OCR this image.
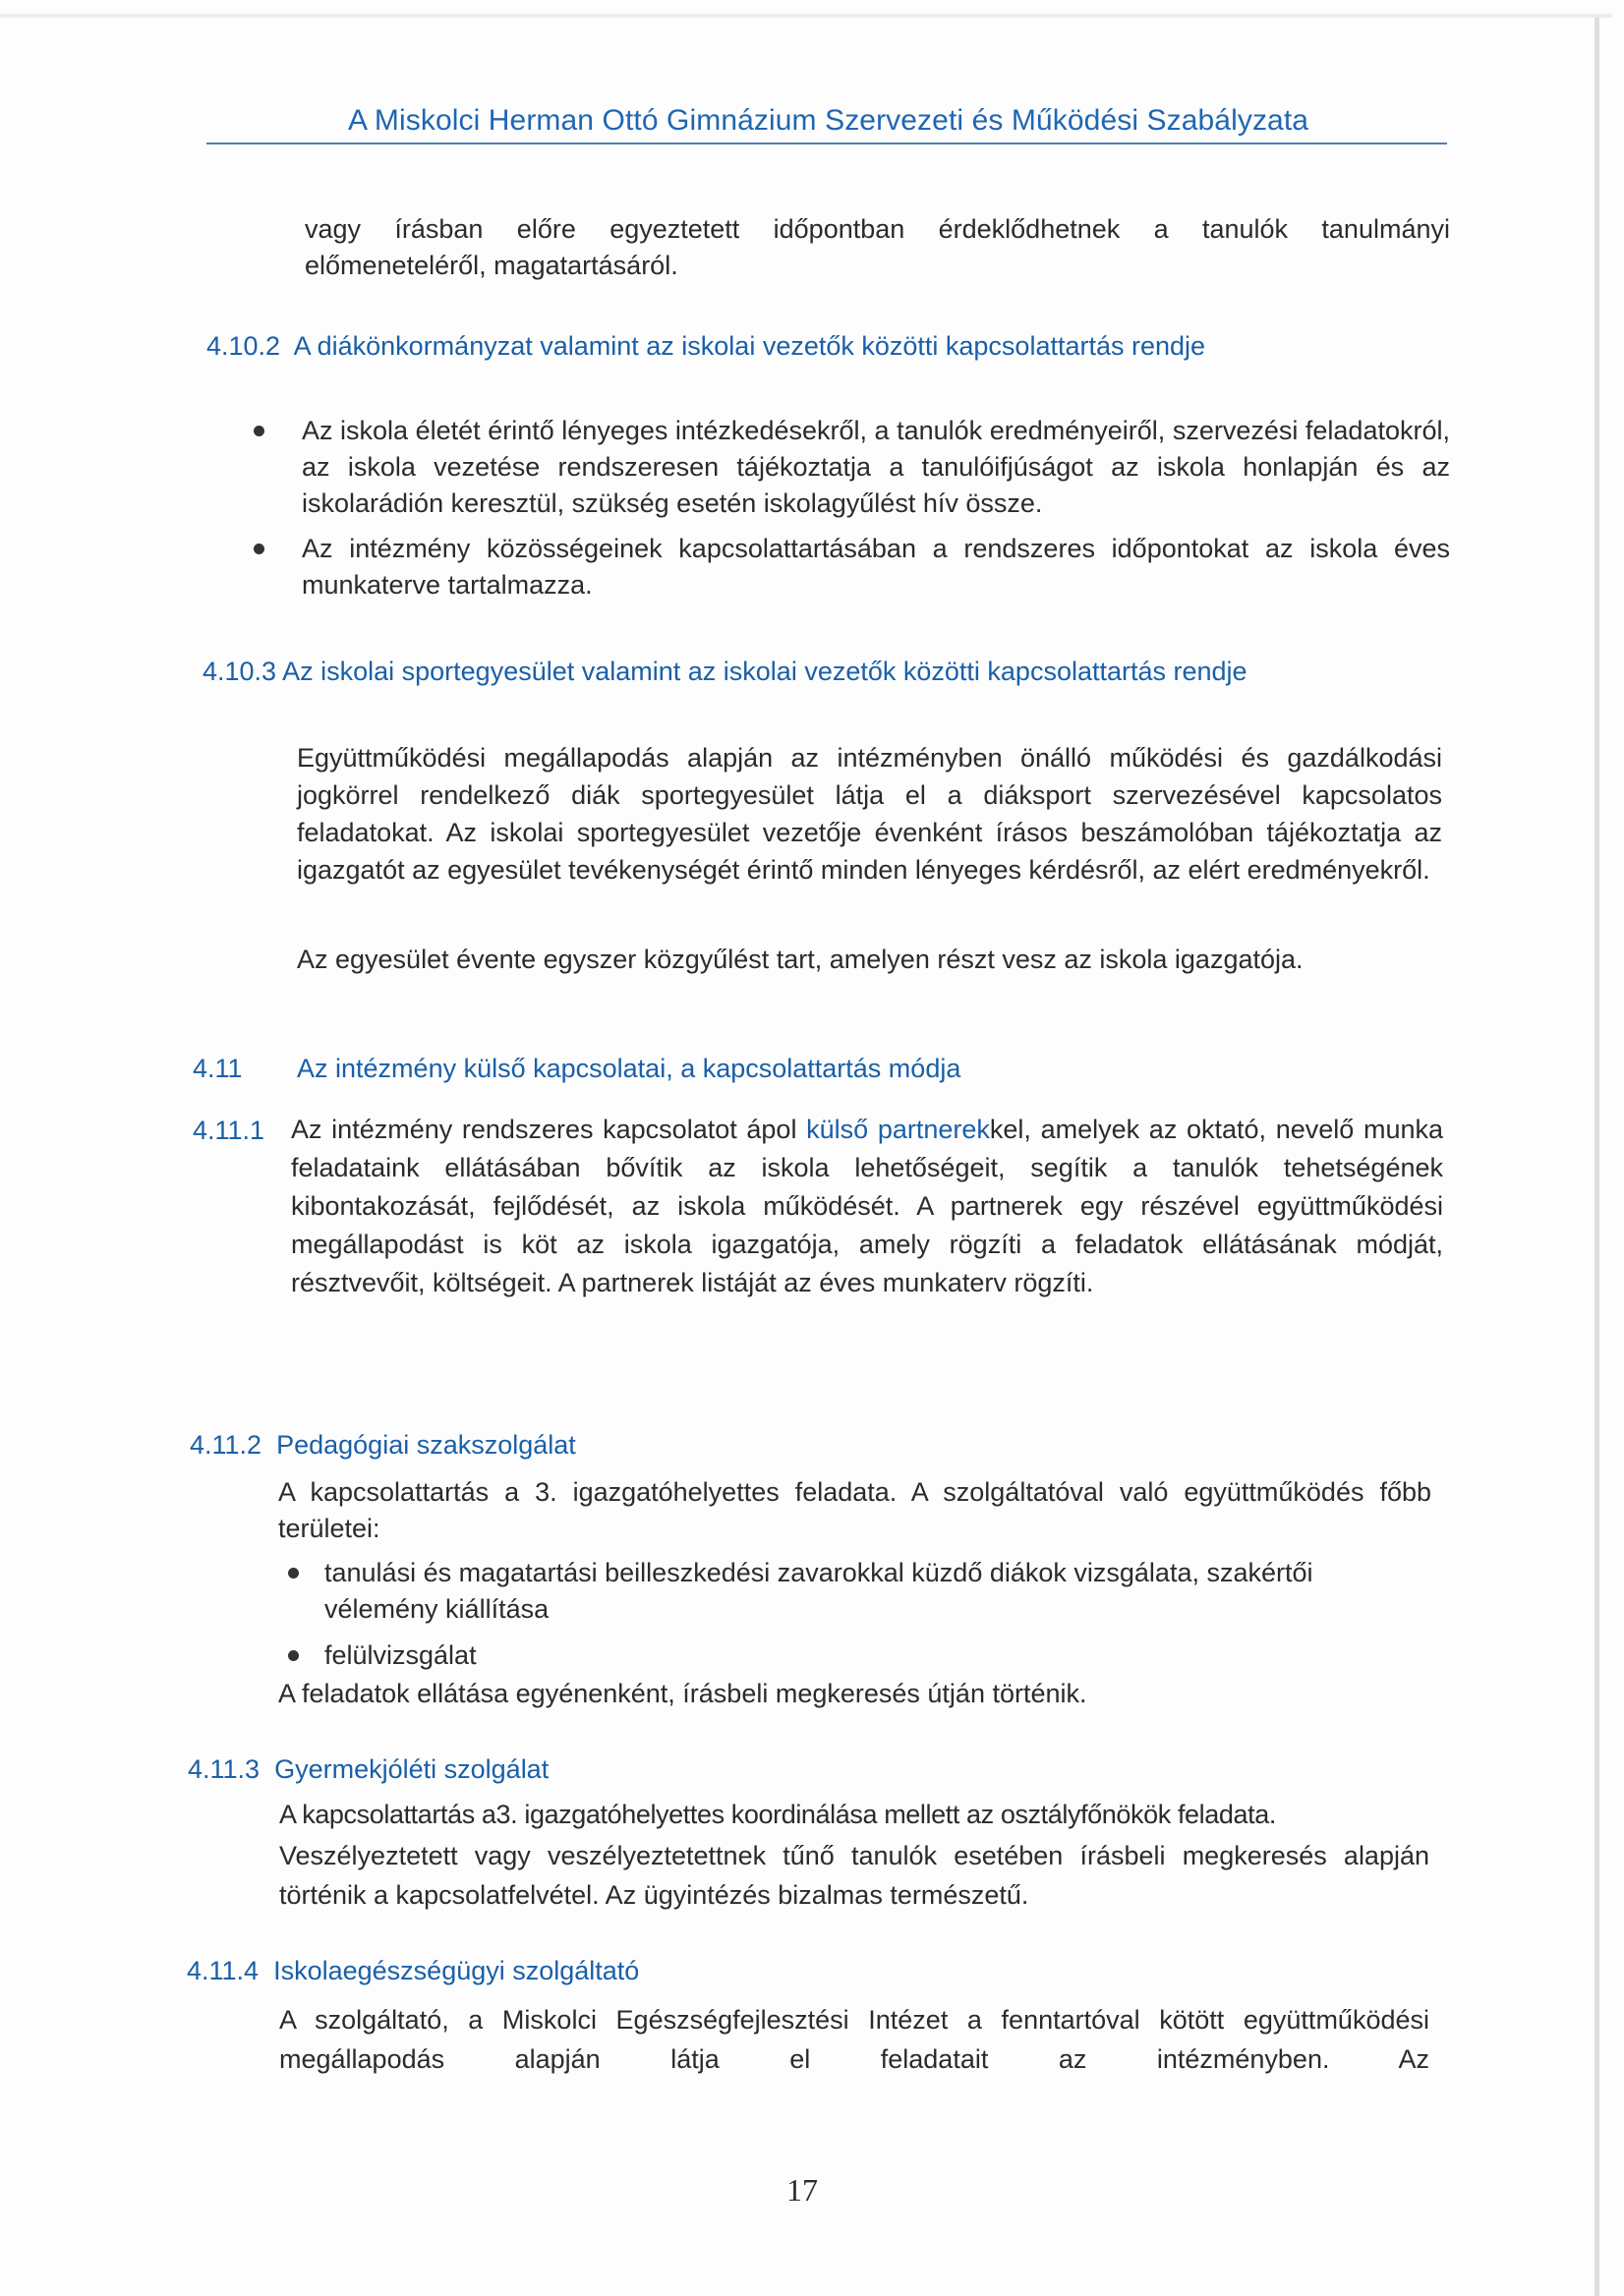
A Miskolci Herman Ottó Gimnázium Szervezeti és Működési Szabályzata
vagy írásban előre egyeztetett időpontban érdeklődhetnek a tanulók tanulmányi
előmeneteléről, magatartásáról.
4.10.2 A diákönkormányzat valamint az iskolai vezetők közötti kapcsolattartás rendje
Az iskola életét érintő lényeges intézkedésekről, a tanulók eredményeiről, szervezési feladatokról, az iskola vezetése rendszeresen tájékoztatja a tanulóifjúságot az iskola honlapján és az iskolarádión keresztül, szükség esetén iskolagyűlést hív össze.
Az intézmény közösségeinek kapcsolattartásában a rendszeres időpontokat az iskola éves munkaterve tartalmazza.
4.10.3 Az iskolai sportegyesület valamint az iskolai vezetők közötti kapcsolattartás rendje
Együttműködési megállapodás alapján az intézményben önálló működési és gazdálkodási jogkörrel rendelkező diák sportegyesület látja el a diáksport szervezésével kapcsolatos feladatokat. Az iskolai sportegyesület vezetője évenként írásos beszámolóban tájékoztatja az igazgatót az egyesület tevékenységét érintő minden lényeges kérdésről, az elért eredményekről.
Az egyesület évente egyszer közgyűlést tart, amelyen részt vesz az iskola igazgatója.
4.11 Az intézmény külső kapcsolatai, a kapcsolattartás módja
4.11.1 Az intézmény rendszeres kapcsolatot ápol külső partnerekkel, amelyek az oktató, nevelő munka feladataink ellátásában bővítik az iskola lehetőségeit, segítik a tanulók tehetségének kibontakozását, fejlődését, az iskola működését. A partnerek egy részével együttműködési megállapodást is köt az iskola igazgatója, amely rögzíti a feladatok ellátásának módját, résztvevőit, költségeit. A partnerek listáját az éves munkaterv rögzíti.
4.11.2 Pedagógiai szakszolgálat
A kapcsolattartás a 3. igazgatóhelyettes feladata. A szolgáltatóval való együttműködés főbb területei:
tanulási és magatartási beilleszkedési zavarokkal küzdő diákok vizsgálata, szakértői vélemény kiállítása
felülvizsgálat
A feladatok ellátása egyénenként, írásbeli megkeresés útján történik.
4.11.3 Gyermekjóléti szolgálat
A kapcsolattartás a3. igazgatóhelyettes koordinálása mellett az osztályfőnökök feladata.
Veszélyeztetett vagy veszélyeztetettnek tűnő tanulók esetében írásbeli megkeresés alapján történik a kapcsolatfelvétel. Az ügyintézés bizalmas természetű.
4.11.4 Iskolaegészségügyi szolgáltató
A szolgáltató, a Miskolci Egészségfejlesztési Intézet a fenntartóval kötött együttműködési megállapodás alapján látja el feladatait az intézményben. Az
17
